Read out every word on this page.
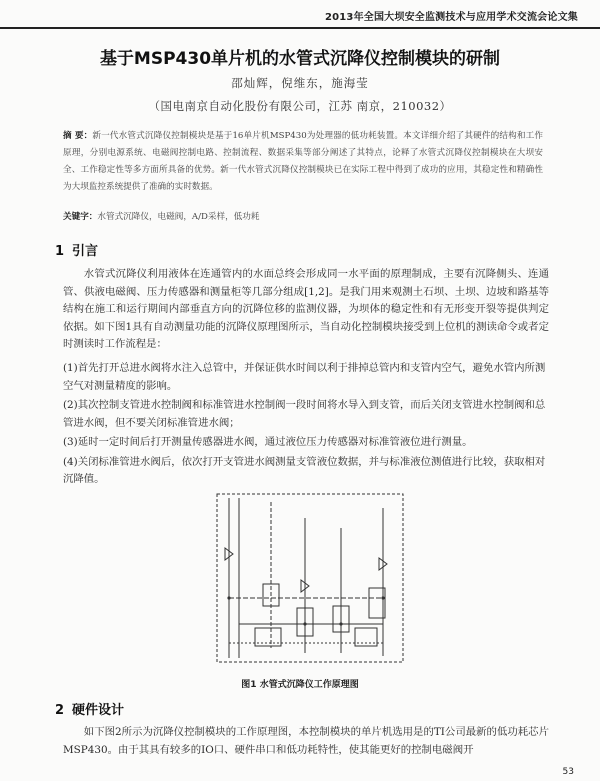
2013年全国大坝安全监测技术与应用学术交流会论文集
基于MSP430单片机的水管式沉降仪控制模块的研制
邵灿辉，倪维东，施海莹
（国电南京自动化股份有限公司，江苏 南京，210032）
摘 要：新一代水管式沉降仪控制模块是基于16单片机MSP430为处理器的低功耗装置。本文详细介绍了其硬件的结构和工作原理，分别电源系统、电磁阀控制电路、控制流程、数据采集等部分阐述了其特点，论释了水管式沉降仪控制模块在大坝安全、工作稳定性等多方面所具备的优势。新一代水管式沉降仪控制模块已在实际工程中得到了成功的应用，其稳定性和精确性为大坝监控系统提供了准确的实时数据。
关键字：水管式沉降仪，电磁阀，A/D采样，低功耗
1 引言

水管式沉降仪利用液体在连通管内的水面总终会形成同一水平面的原理制成，主要有沉降侧头、连通管、供液电磁阀、压力传感器和测量柜等几部分组成[1,2]。是我门用来观测土石坝、土坝、边坡和路基等结构在施工和运行期间内部垂直方向的沉降位移的监测仪器，为坝体的稳定性和有无形变开裂等提供判定依据。如下图1具有自动测量功能的沉降仪原理图所示，当自动化控制模块接受到上位机的测读命令或者定时测读时工作流程是：

(1)首先打开总进水阀将水注入总管中，并保证供水时间以利于排掉总管内和支管内空气，避免水管内所测空气对测量精度的影响。

(2)其次控制支管进水控制阀和标准管进水控制阀一段时间将水导入到支管，而后关闭支管进水控制阀和总管进水阀，但不要关闭标准管进水阀；

(3)延时一定时间后打开测量传感器进水阀，通过液位压力传感器对标准管液位进行测量。

(4)关闭标准管进水阀后，依次打开支管进水阀测量支管液位数据，并与标准液位测值进行比较，获取相对沉降值。

图1 水管式沉降仪工作原理图
2 硬件设计

如下图2所示为沉降仪控制模块的工作原理图，本控制模块的单片机选用是的TI公司最新的低功耗芯片MSP430。由于其具有较多的IO口、硬件串口和低功耗特性，使其能更好的控制电磁阀开

53
